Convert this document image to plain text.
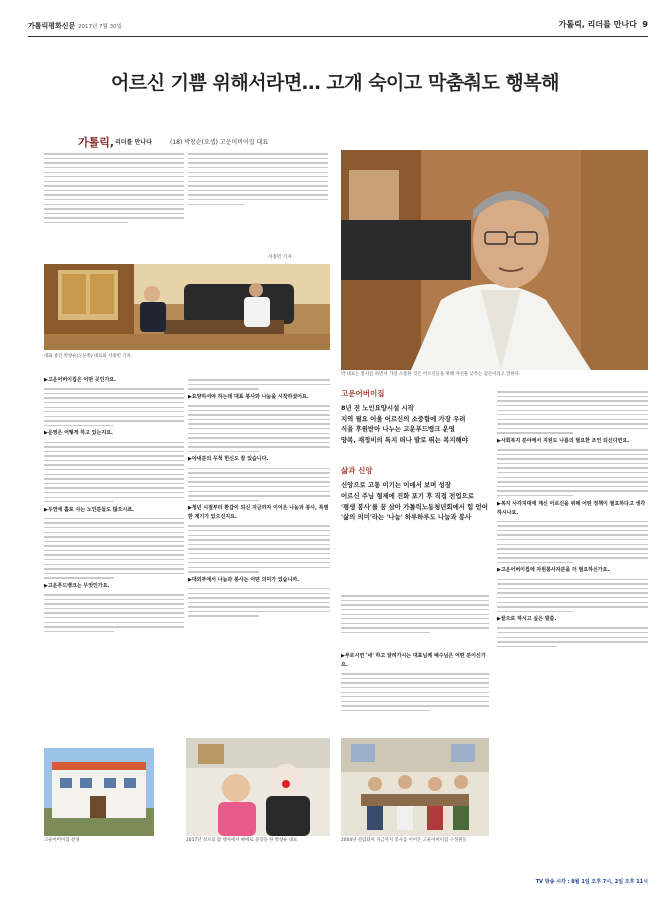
가톨릭평화신문 2017년 7월 30일	가톨릭, 리더를 만나다 9
어르신 기쁨 위해서라면… 고개 숙이고 막춤춰도 행복해
가톨릭, 리더를 만나다	(18) 박창순(요셉) 고운어버이집 대표
서종빈 기자
대화 중인 박창순(오른쪽) 대표와 서종빈 기자.
박 대표는 봉사를 하면서 가장 소중한 것은 어르신들을 위해 자신을 낮추는 겸손이라고 말한다.
▶고운어버이집은 어떤 곳인가요.
▶운영은 어떻게 하고 있는지요.
▶우연에 홀로 사는 노인분들도 많으시죠.
▶고운푸드뱅크는 무엇인가요.
▶요양하셔야 하는데 대표 봉사와 나눔을 시작하셨어요.
▶아내분의 무척 헌신도 잘 있습니다.
▶청년 시절부터 환갑이 되신 지금까지 이어온 나눔과 봉사, 특별한 계기가 있으신지요.
▶대외부에서 나눔과 봉사는 어떤 의미가 있습니까.
고운어버이집
8년 전 노인요양시설 시작
지역 필요 어울 어르신의 소중함에 가장 우려
식을 후원받아 나누는 고운푸드뱅크 운영
양복, 재정비의 특지 떠나 발로 뛰는 복지해야
삶과 신앙
신앙으로 고통 이기는 이에서 보며 성장
어르신 주님 형제에 진화 포기 후 직접 전업으로
'평생 봉사'를 꿈 삼아 가톨릭노동청년회에서 힘 얻어
'삶의 의미'라는 '나눔' 하루하루도 나눔과 봉사
▶부르시면 '네' 하고 달려가시는 대표님께 예수님은 어떤 분이신가요.
▶사회복지 분야에서 지원도 나름의 필요한 조언 되신다면요.
▶복지 사각지대에 계신 어르신을 위해 어떤 정책이 필요하다고 생각하시나요.
▶고운어버이집에 자원봉사자분을 더 필요하신가요.
▶끝으로 하시고 싶은 말씀.
고운어버이집 전경	2017년 성모의 밤 행사에서 삐에로 분장을 한 박창순 대표	2004년 설립되어 지금까지 봉사를 이어온 고운어버이집 구성원들
TV 방송 시각 : 8월 1일 오후 7시, 2일 오후 11시
